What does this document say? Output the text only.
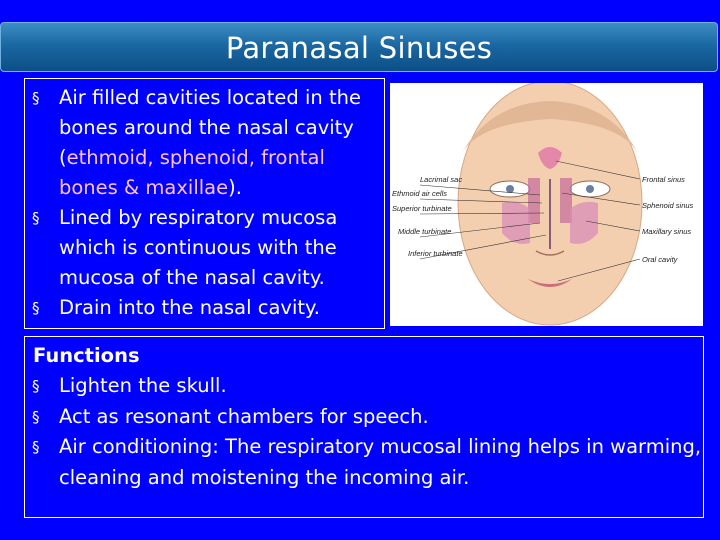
Paranasal Sinuses
§ Air filled cavities located in the bones around the nasal cavity (ethmoid, sphenoid, frontal bones & maxillae).
§ Lined by respiratory mucosa which is continuous with the mucosa of the nasal cavity.
§ Drain into the nasal cavity.
Lacrimal sac
Ethmoid air cells
Superior turbinate
Middle turbinate
Inferior turbinate
Frontal sinus
Sphenoid sinus
Maxillary sinus
Oral cavity
Functions
§ Lighten the skull.
§ Act as resonant chambers for speech.
§ Air conditioning: The respiratory mucosal lining helps in warming, cleaning and moistening the incoming air.
